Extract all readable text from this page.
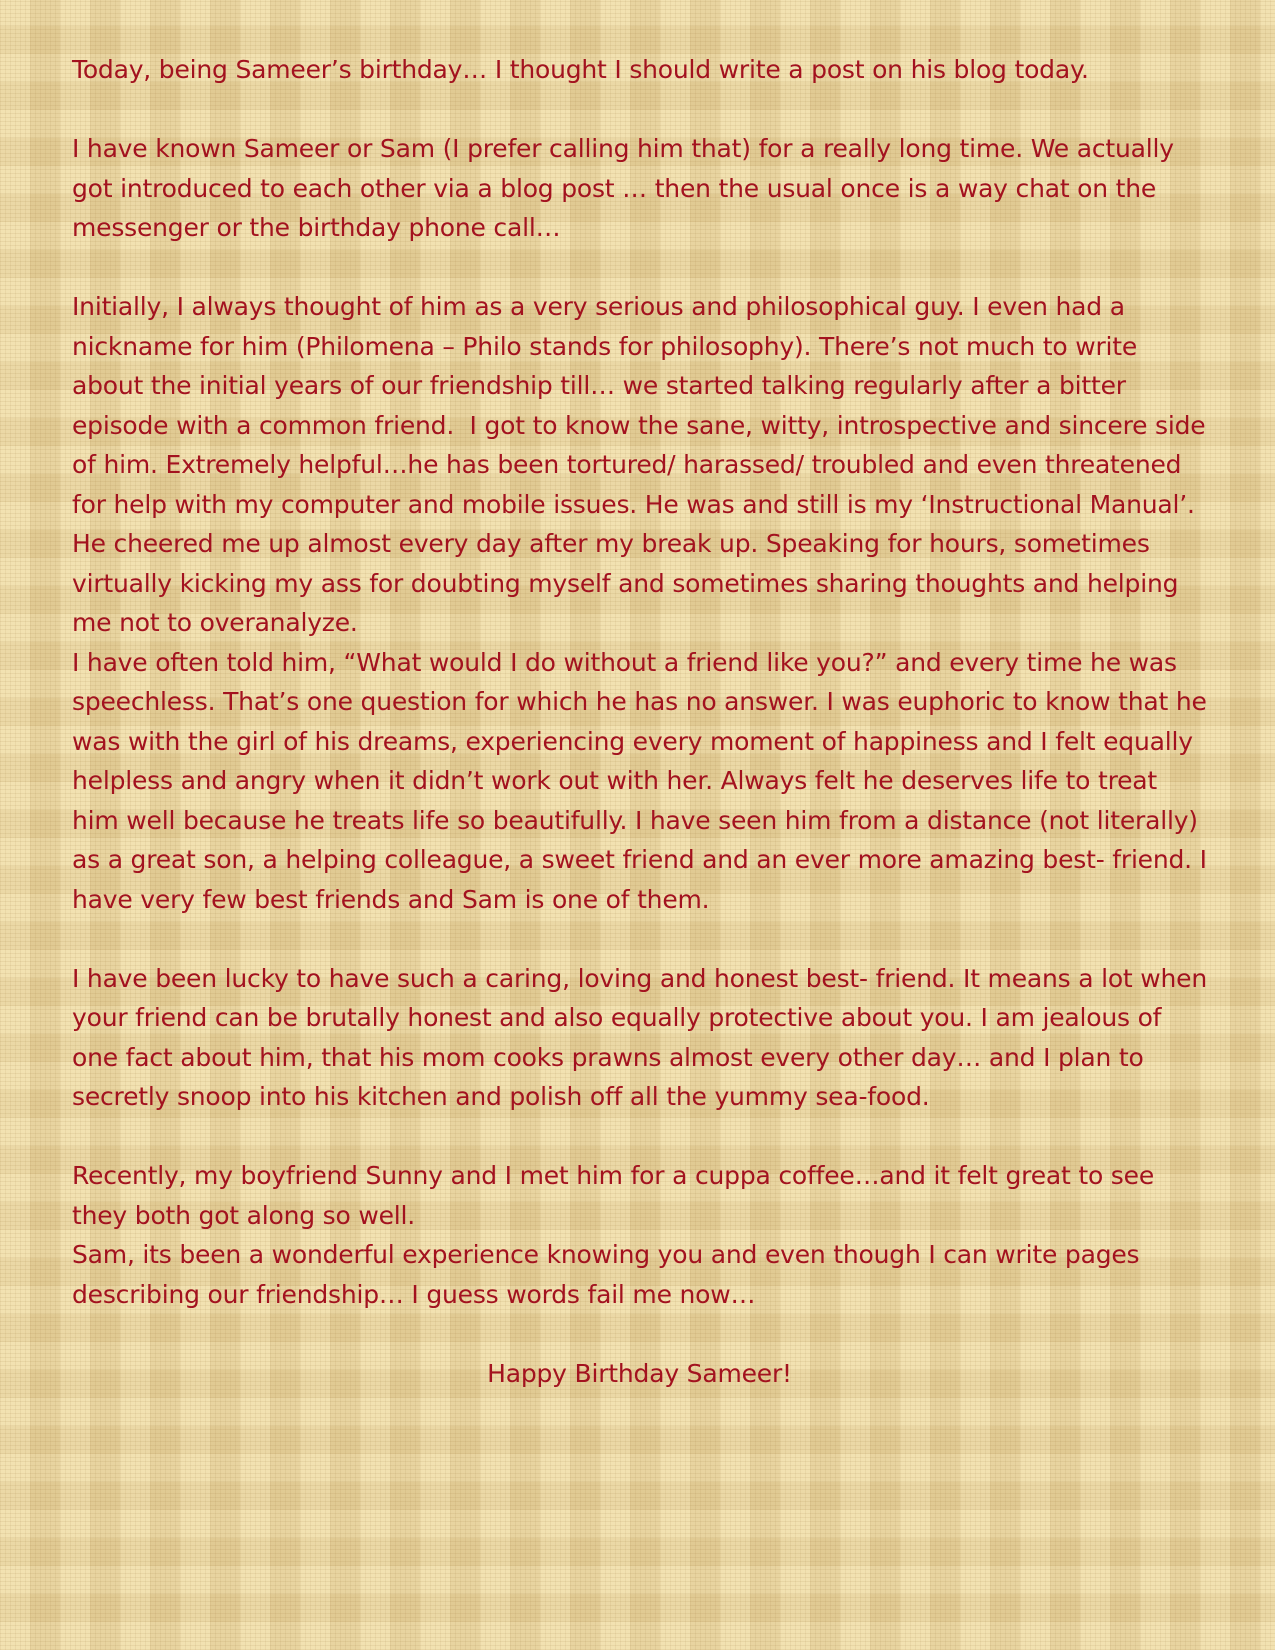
Today, being Sameer’s birthday… I thought I should write a post on his blog today.

I have known Sameer or Sam (I prefer calling him that) for a really long time. We actually got introduced to each other via a blog post … then the usual once is a way chat on the messenger or the birthday phone call…

Initially, I always thought of him as a very serious and philosophical guy. I even had a nickname for him (Philomena – Philo stands for philosophy). There’s not much to write about the initial years of our friendship till… we started talking regularly after a bitter episode with a common friend.  I got to know the sane, witty, introspective and sincere side of him. Extremely helpful…he has been tortured/ harassed/ troubled and even threatened for help with my computer and mobile issues. He was and still is my ‘Instructional Manual’. He cheered me up almost every day after my break up. Speaking for hours, sometimes virtually kicking my ass for doubting myself and sometimes sharing thoughts and helping me not to overanalyze.

I have often told him, “What would I do without a friend like you?” and every time he was speechless. That’s one question for which he has no answer. I was euphoric to know that he was with the girl of his dreams, experiencing every moment of happiness and I felt equally helpless and angry when it didn’t work out with her. Always felt he deserves life to treat him well because he treats life so beautifully. I have seen him from a distance (not literally) as a great son, a helping colleague, a sweet friend and an ever more amazing best- friend. I have very few best friends and Sam is one of them.

I have been lucky to have such a caring, loving and honest best- friend. It means a lot when your friend can be brutally honest and also equally protective about you. I am jealous of one fact about him, that his mom cooks prawns almost every other day… and I plan to secretly snoop into his kitchen and polish off all the yummy sea-food.

Recently, my boyfriend Sunny and I met him for a cuppa coffee…and it felt great to see they both got along so well.

Sam, its been a wonderful experience knowing you and even though I can write pages describing our friendship… I guess words fail me now…

Happy Birthday Sameer!
